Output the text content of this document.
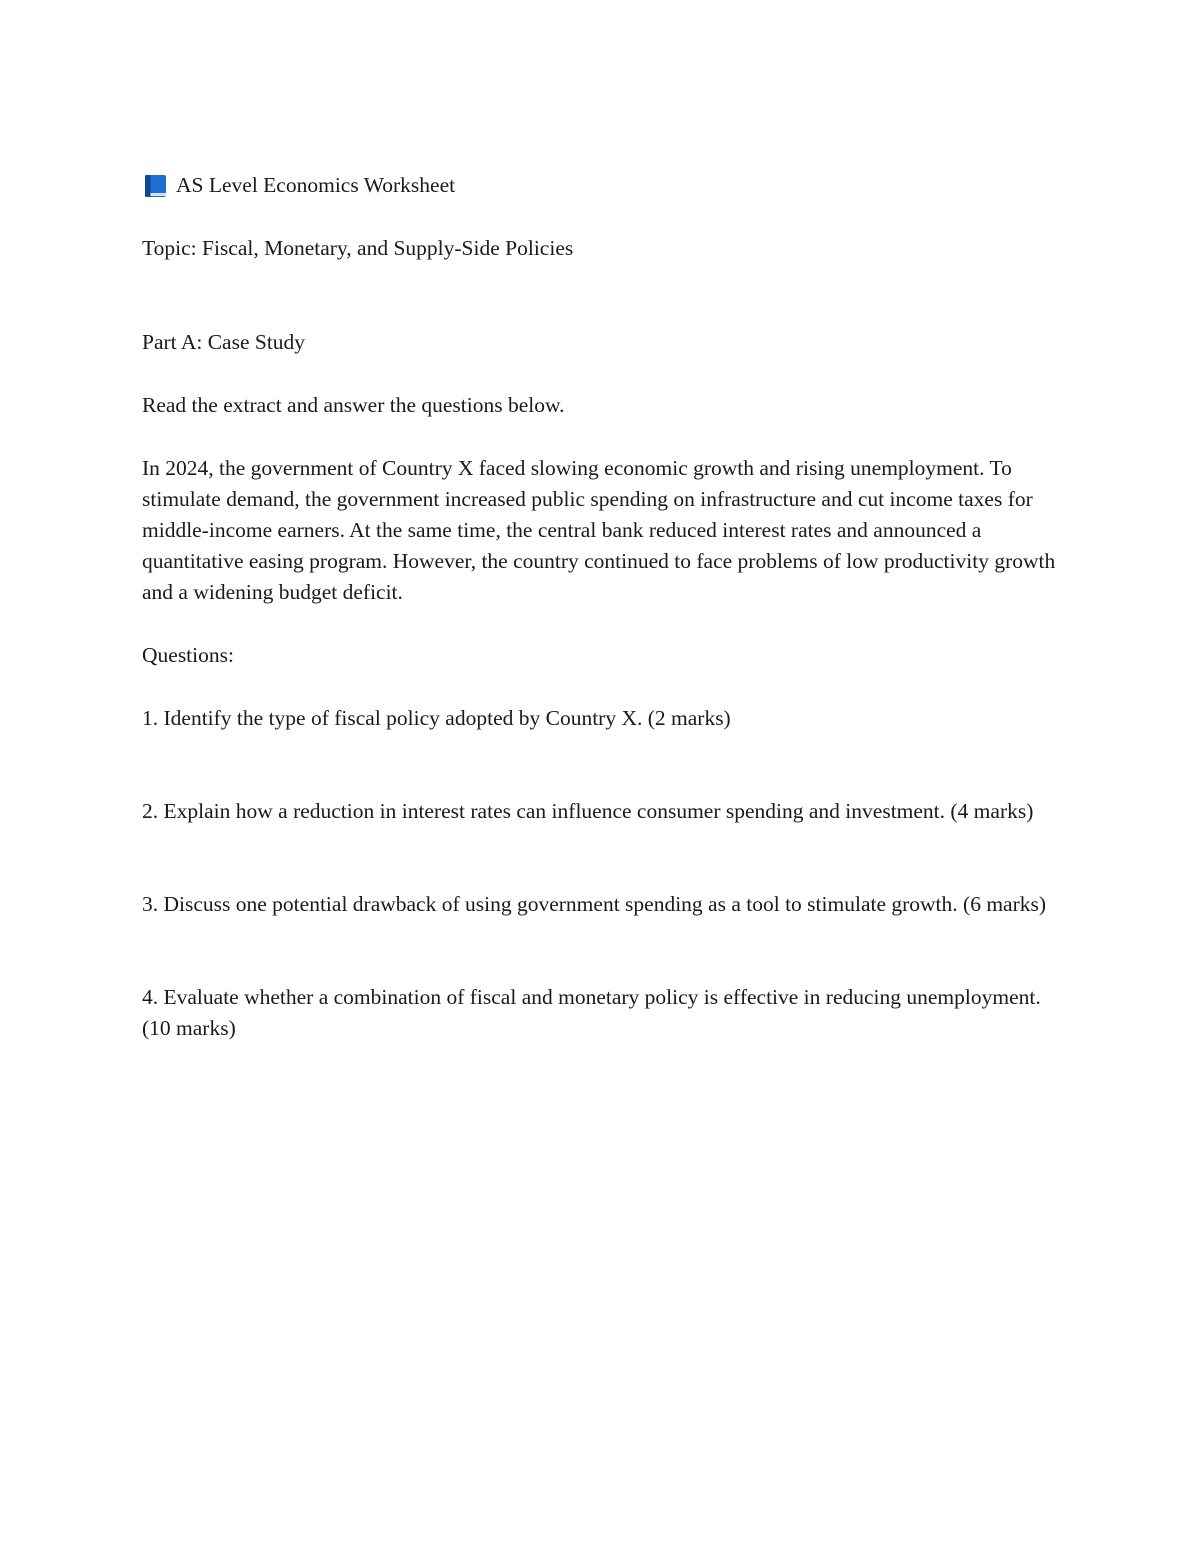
AS Level Economics Worksheet

Topic: Fiscal, Monetary, and Supply-Side Policies

Part A: Case Study

Read the extract and answer the questions below.

In 2024, the government of Country X faced slowing economic growth and rising unemployment. To stimulate demand, the government increased public spending on infrastructure and cut income taxes for middle-income earners. At the same time, the central bank reduced interest rates and announced a quantitative easing program. However, the country continued to face problems of low productivity growth and a widening budget deficit.

Questions:

1. Identify the type of fiscal policy adopted by Country X. (2 marks)

2. Explain how a reduction in interest rates can influence consumer spending and investment. (4 marks)

3. Discuss one potential drawback of using government spending as a tool to stimulate growth. (6 marks)

4. Evaluate whether a combination of fiscal and monetary policy is effective in reducing unemployment. (10 marks)
